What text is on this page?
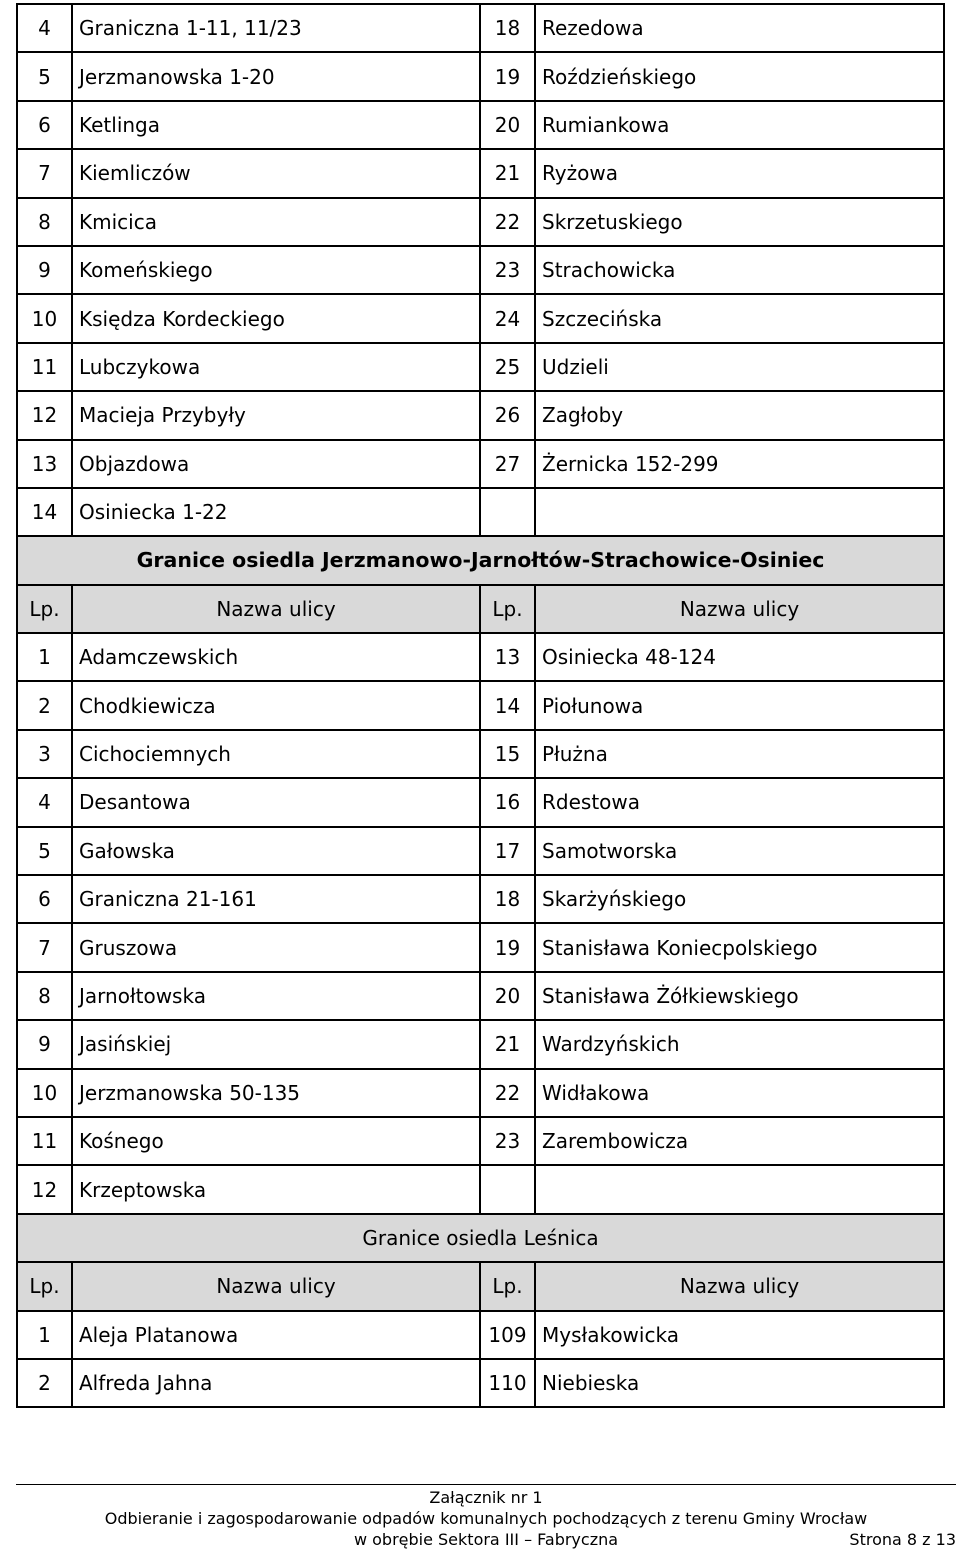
4	Graniczna 1-11, 11/23	18	Rezedowa
5	Jerzmanowska 1-20	19	Roździeńskiego
6	Ketlinga	20	Rumiankowa
7	Kiemliczów	21	Ryżowa
8	Kmicica	22	Skrzetuskiego
9	Komeńskiego	23	Strachowicka
10	Księdza Kordeckiego	24	Szczecińska
11	Lubczykowa	25	Udzieli
12	Macieja Przybyły	26	Zagłoby
13	Objazdowa	27	Żernicka 152-299
14	Osiniecka 1-22		
Granice osiedla Jerzmanowo-Jarnołtów-Strachowice-Osiniec			
Lp.	Nazwa ulicy	Lp.	Nazwa ulicy
1	Adamczewskich	13	Osiniecka 48-124
2	Chodkiewicza	14	Piołunowa
3	Cichociemnych	15	Płużna
4	Desantowa	16	Rdestowa
5	Gałowska	17	Samotworska
6	Graniczna 21-161	18	Skarżyńskiego
7	Gruszowa	19	Stanisława Koniecpolskiego
8	Jarnołtowska	20	Stanisława Żółkiewskiego
9	Jasińskiej	21	Wardzyńskich
10	Jerzmanowska 50-135	22	Widłakowa
11	Kośnego	23	Zarembowicza
12	Krzeptowska		
Granice osiedla Leśnica			
Lp.	Nazwa ulicy	Lp.	Nazwa ulicy
1	Aleja Platanowa	109	Mysłakowicka
2	Alfreda Jahna	110	Niebieska
Załącznik nr 1
Odbieranie i zagospodarowanie odpadów komunalnych pochodzących z terenu Gminy Wrocław
w obrębie Sektora III – Fabryczna	Strona 8 z 13
